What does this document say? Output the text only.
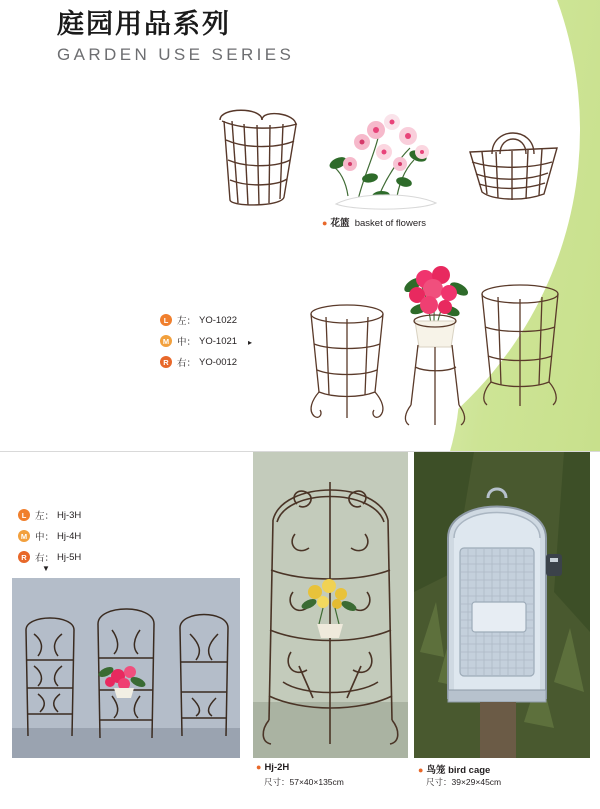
庭园用品系列
GARDEN USE SERIES
● 花篮 basket of flowers
L 左： YO-1022
M 中： YO-1021
R 右： YO-0012
▸
L 左： Hj-3H
M 中： Hj-4H
R 右： Hj-5H
▼
● Hj-2H
尺寸：57×40×135cm
● 鸟笼 bird cage
尺寸：39×29×45cm
